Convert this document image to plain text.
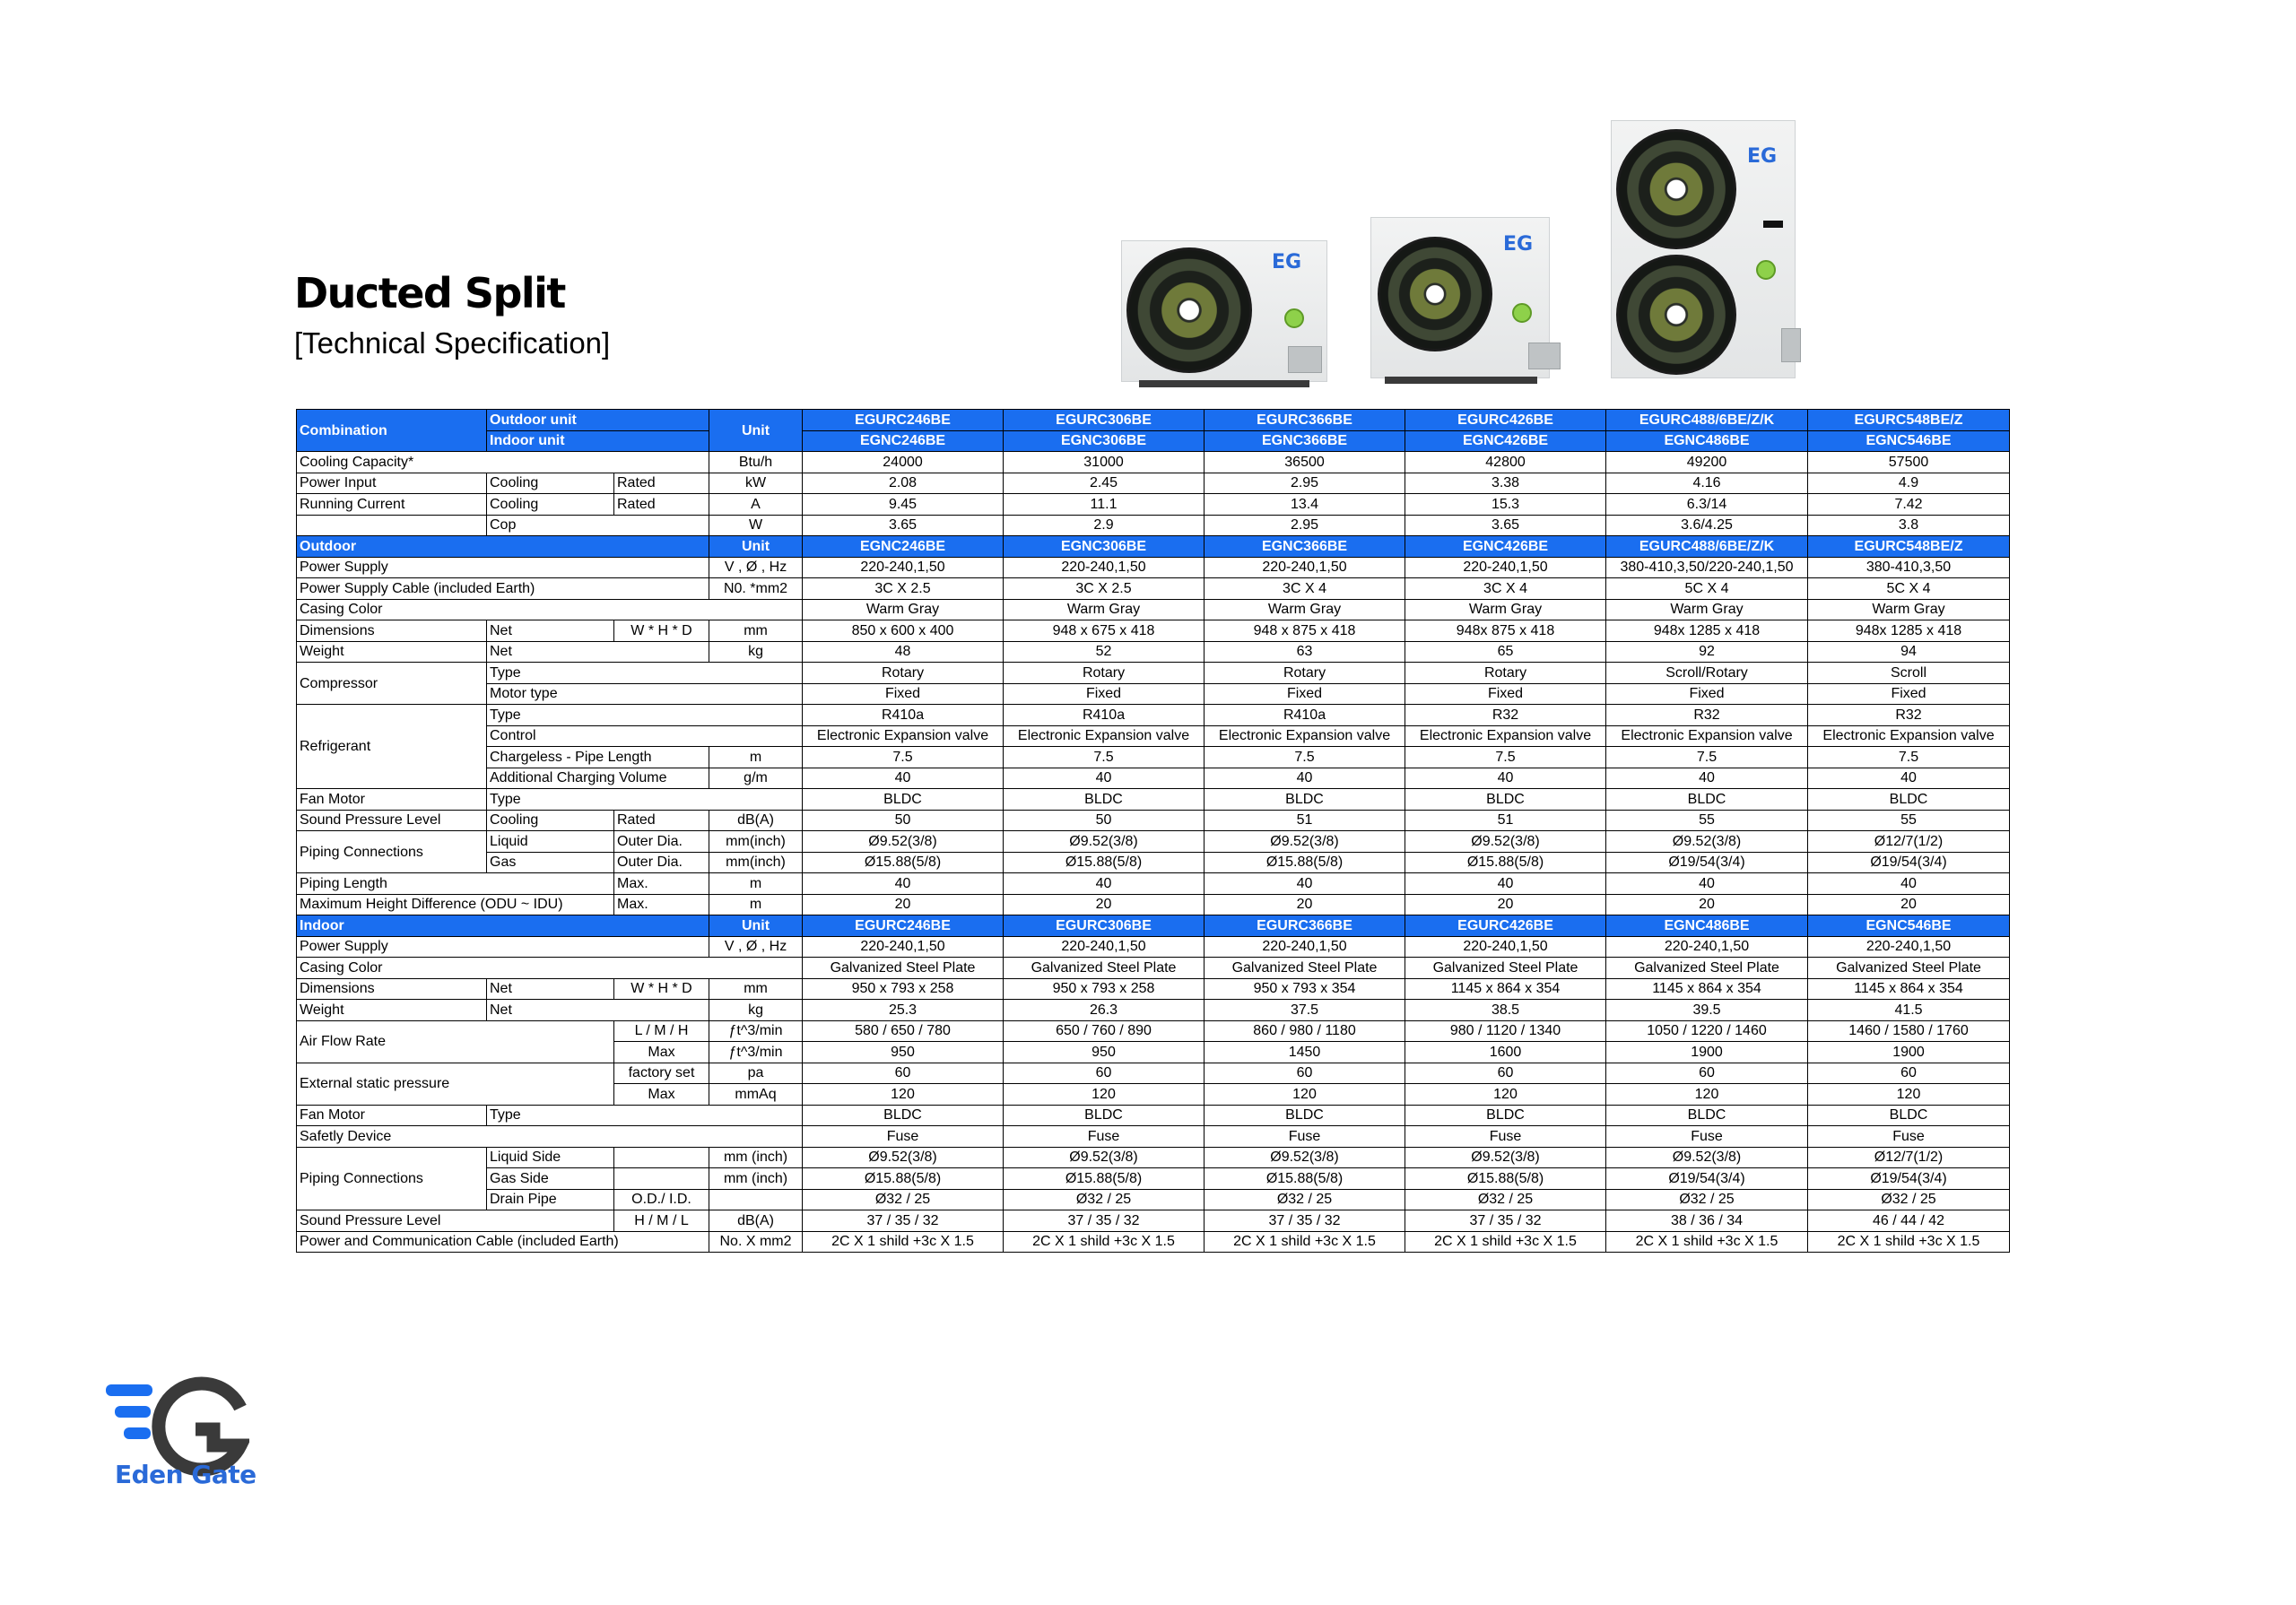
Ducted Split
[Technical Specification]
EG
EG
EG
Combination	Outdoor unit		Unit	EGURC246BE	EGURC306BE	EGURC366BE	EGURC426BE	EGURC488/6BE/Z/K	EGURC548BE/Z
	Indoor unit			EGNC246BE	EGNC306BE	EGNC366BE	EGNC426BE	EGNC486BE	EGNC546BE
Cooling Capacity*			Btu/h	24000	31000	36500	42800	49200	57500
Power Input	Cooling	Rated	kW	2.08	2.45	2.95	3.38	4.16	4.9
Running Current	Cooling	Rated	A	9.45	11.1	13.4	15.3	6.3/14	7.42
	Cop		W	3.65	2.9	2.95	3.65	3.6/4.25	3.8
Outdoor			Unit	EGNC246BE	EGNC306BE	EGNC366BE	EGNC426BE	EGURC488/6BE/Z/K	EGURC548BE/Z
Power Supply			V , Ø , Hz	220-240,1,50	220-240,1,50	220-240,1,50	220-240,1,50	380-410,3,50/220-240,1,50	380-410,3,50
Power Supply Cable (included Earth)			N0. *mm2	3C X 2.5	3C X 2.5	3C X 4	3C X 4	5C X 4	5C X 4
Casing Color				Warm Gray	Warm Gray	Warm Gray	Warm Gray	Warm Gray	Warm Gray
Dimensions	Net	W * H * D	mm	850 x 600 x 400	948 x 675 x 418	948 x 875 x 418	948x 875 x 418	948x 1285 x 418	948x 1285 x 418
Weight	Net		kg	48	52	63	65	92	94
Compressor	Type			Rotary	Rotary	Rotary	Rotary	Scroll/Rotary	Scroll
	Motor type			Fixed	Fixed	Fixed	Fixed	Fixed	Fixed
Refrigerant	Type			R410a	R410a	R410a	R32	R32	R32
	Control			Electronic Expansion valve	Electronic Expansion valve	Electronic Expansion valve	Electronic Expansion valve	Electronic Expansion valve	Electronic Expansion valve
	Chargeless - Pipe Length		m	7.5	7.5	7.5	7.5	7.5	7.5
	Additional Charging Volume		g/m	40	40	40	40	40	40
Fan Motor	Type			BLDC	BLDC	BLDC	BLDC	BLDC	BLDC
Sound Pressure Level	Cooling	Rated	dB(A)	50	50	51	51	55	55
Piping Connections	Liquid	Outer Dia.	mm(inch)	Ø9.52(3/8)	Ø9.52(3/8)	Ø9.52(3/8)	Ø9.52(3/8)	Ø9.52(3/8)	Ø12/7(1/2)
	Gas	Outer Dia.	mm(inch)	Ø15.88(5/8)	Ø15.88(5/8)	Ø15.88(5/8)	Ø15.88(5/8)	Ø19/54(3/4)	Ø19/54(3/4)
Piping Length		Max.	m	40	40	40	40	40	40
Maximum Height Difference (ODU ~ IDU)		Max.	m	20	20	20	20	20	20
Indoor			Unit	EGURC246BE	EGURC306BE	EGURC366BE	EGURC426BE	EGNC486BE	EGNC546BE
Power Supply			V , Ø , Hz	220-240,1,50	220-240,1,50	220-240,1,50	220-240,1,50	220-240,1,50	220-240,1,50
Casing Color				Galvanized Steel Plate	Galvanized Steel Plate	Galvanized Steel Plate	Galvanized Steel Plate	Galvanized Steel Plate	Galvanized Steel Plate
Dimensions	Net	W * H * D	mm	950 x 793 x 258	950 x 793 x 258	950 x 793 x 354	1145 x 864 x 354	1145 x 864 x 354	1145 x 864 x 354
Weight	Net		kg	25.3	26.3	37.5	38.5	39.5	41.5
Air Flow Rate		L / M / H	ƒt^3/min	580 / 650 / 780	650 / 760 / 890	860 / 980 / 1180	980 / 1120 / 1340	1050 / 1220 / 1460	1460 / 1580 / 1760
		Max	ƒt^3/min	950	950	1450	1600	1900	1900
External static pressure		factory set	pa	60	60	60	60	60	60
		Max	mmAq	120	120	120	120	120	120
Fan Motor	Type			BLDC	BLDC	BLDC	BLDC	BLDC	BLDC
Safetly Device				Fuse	Fuse	Fuse	Fuse	Fuse	Fuse
Piping Connections	Liquid Side		mm (inch)	Ø9.52(3/8)	Ø9.52(3/8)	Ø9.52(3/8)	Ø9.52(3/8)	Ø9.52(3/8)	Ø12/7(1/2)
	Gas Side		mm (inch)	Ø15.88(5/8)	Ø15.88(5/8)	Ø15.88(5/8)	Ø15.88(5/8)	Ø19/54(3/4)	Ø19/54(3/4)
	Drain Pipe	O.D./ I.D.		Ø32 / 25	Ø32 / 25	Ø32 / 25	Ø32 / 25	Ø32 / 25	Ø32 / 25
Sound Pressure Level		H / M / L	dB(A)	37 / 35 / 32	37 / 35 / 32	37 / 35 / 32	37 / 35 / 32	38 / 36 / 34	46 / 44 / 42
Power and Communication Cable (included Earth)			No. X mm2	2C X 1 shild +3c X 1.5	2C X 1 shild +3c X 1.5	2C X 1 shild +3c X 1.5	2C X 1 shild +3c X 1.5	2C X 1 shild +3c X 1.5	2C X 1 shild +3c X 1.5
Eden Gate
